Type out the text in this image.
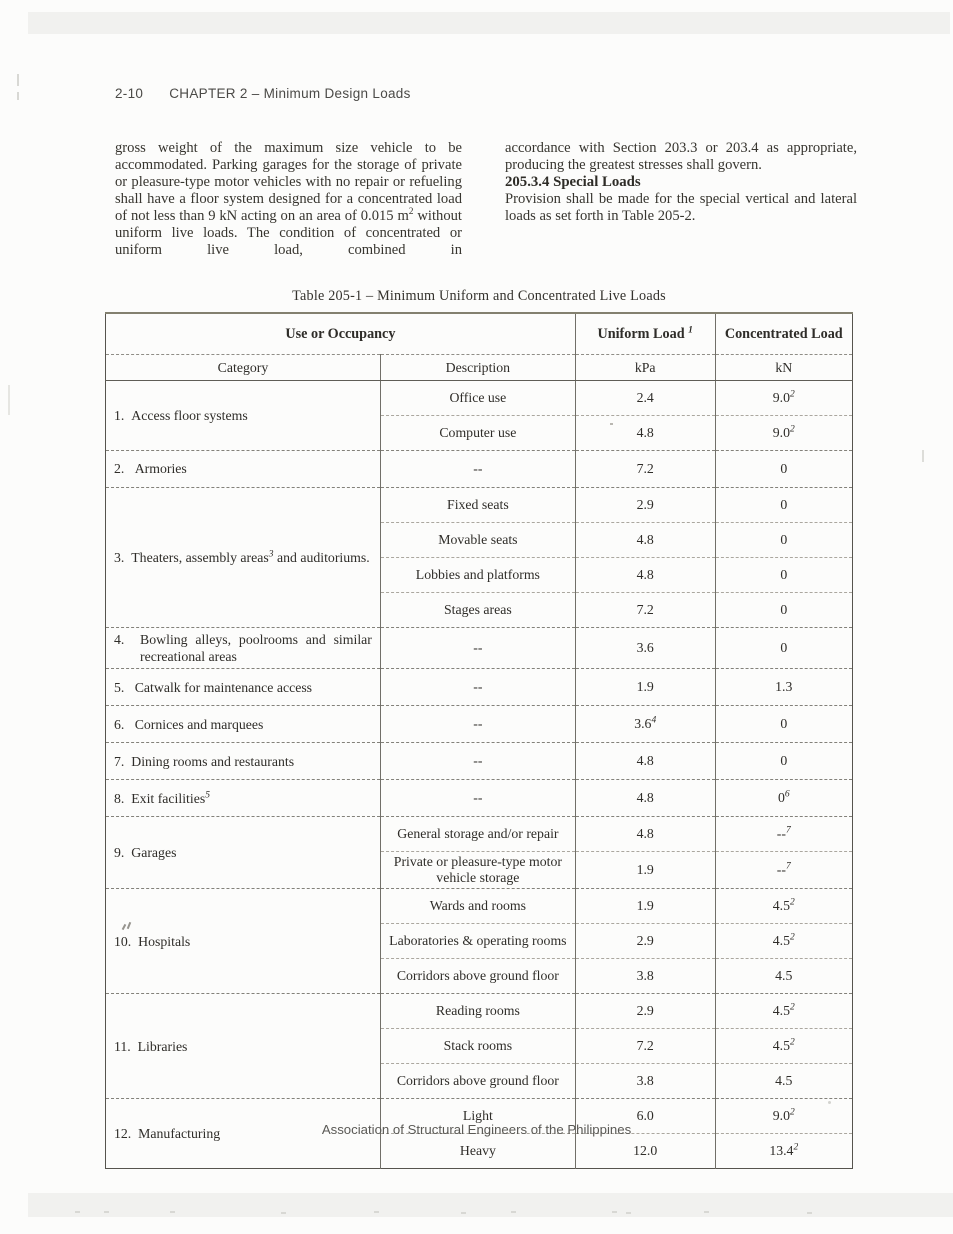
2-10 CHAPTER 2 – Minimum Design Loads
gross weight of the maximum size vehicle to be accommodated. Parking garages for the storage of private or pleasure-type motor vehicles with no repair or refueling shall have a floor system designed for a concentrated load of not less than 9 kN acting on an area of 0.015 m$^2$ without uniform live loads. The condition of concentrated or uniform live load, combined in

accordance with Section 203.3 or 203.4 as appropriate, producing the greatest stresses shall govern.

205.3.4 Special Loads

Provision shall be made for the special vertical and lateral loads as set forth in Table 205-2.

Table 205-1 – Minimum Uniform and Concentrated Live Loads
Use or Occupancy		Uniform Load $^1$	Concentrated Load
Category	Description	kPa	kN
1.  Access floor systems	Office use	2.4	9.0$^2$
	Computer use	4.8	9.0$^2$
2.   Armories	--	7.2	0
3.  Theaters, assembly areas$^3$ and auditoriums.	Fixed seats	2.9	0
	Movable seats	4.8	0
	Lobbies and platforms	4.8	0
	Stages areas	7.2	0
4.  Bowling alleys, poolrooms and similar recreational areas	--	3.6	0
5.   Catwalk for maintenance access	--	1.9	1.3
6.   Cornices and marquees	--	3.6$^4$	0
7.  Dining rooms and restaurants	--	4.8	0
8.  Exit facilities$^5$	--	4.8	0$^6$
9.  Garages	General storage and/or repair	4.8	--$^7$
	Private or pleasure-type motor vehicle storage	1.9	--$^7$
10.  Hospitals	Wards and rooms	1.9	4.5$^2$
	Laboratories & operating rooms	2.9	4.5$^2$
	Corridors above ground floor	3.8	4.5
11.  Libraries	Reading rooms	2.9	4.5$^2$
	Stack rooms	7.2	4.5$^2$
	Corridors above ground floor	3.8	4.5
12.  Manufacturing	Light	6.0	9.0$^2$
	Heavy	12.0	13.4$^2$
Association of Structural Engineers of the Philippines
